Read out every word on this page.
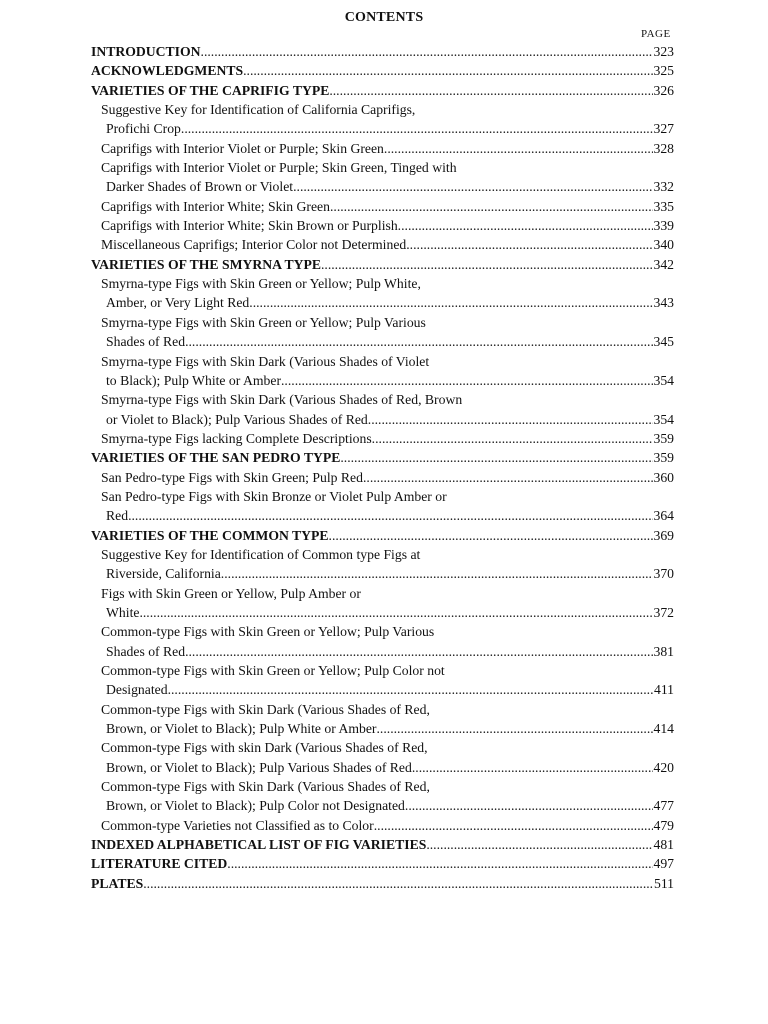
CONTENTS
PAGE
INTRODUCTION .....	323
ACKNOWLEDGMENTS .....	325
VARIETIES OF THE CAPRIFIG TYPE .....	326
Suggestive Key for Identification of California Caprifigs,
Profichi Crop .....	327
Caprifigs with Interior Violet or Purple; Skin Green .....	328
Caprifigs with Interior Violet or Purple; Skin Green, Tinged with
Darker Shades of Brown or Violet .....	332
Caprifigs with Interior White; Skin Green .....	335
Caprifigs with Interior White; Skin Brown or Purplish .....	339
Miscellaneous Caprifigs; Interior Color not Determined .....	340
VARIETIES OF THE SMYRNA TYPE .....	342
Smyrna-type Figs with Skin Green or Yellow; Pulp White,
Amber, or Very Light Red .....	343
Smyrna-type Figs with Skin Green or Yellow; Pulp Various
Shades of Red .....	345
Smyrna-type Figs with Skin Dark (Various Shades of Violet
to Black); Pulp White or Amber .....	354
Smyrna-type Figs with Skin Dark (Various Shades of Red, Brown
or Violet to Black); Pulp Various Shades of Red .....	354
Smyrna-type Figs lacking Complete Descriptions .....	359
VARIETIES OF THE SAN PEDRO TYPE .....	359
San Pedro-type Figs with Skin Green; Pulp Red .....	360
San Pedro-type Figs with Skin Bronze or Violet Pulp Amber or
Red .....	364
VARIETIES OF THE COMMON TYPE .....	369
Suggestive Key for Identification of Common type Figs at
Riverside, California .....	370
Figs with Skin Green or Yellow, Pulp Amber or
White .....	372
Common-type Figs with Skin Green or Yellow; Pulp Various
Shades of Red .....	381
Common-type Figs with Skin Green or Yellow; Pulp Color not
Designated .....	411
Common-type Figs with Skin Dark (Various Shades of Red,
Brown, or Violet to Black); Pulp White or Amber .....	414
Common-type Figs with skin Dark (Various Shades of Red,
Brown, or Violet to Black); Pulp Various Shades of Red .....	420
Common-type Figs with Skin Dark (Various Shades of Red,
Brown, or Violet to Black); Pulp Color not Designated .....	477
Common-type Varieties not Classified as to Color .....	479
INDEXED ALPHABETICAL LIST OF FIG VARIETIES .....	481
LITERATURE CITED .....	497
PLATES .....	511
